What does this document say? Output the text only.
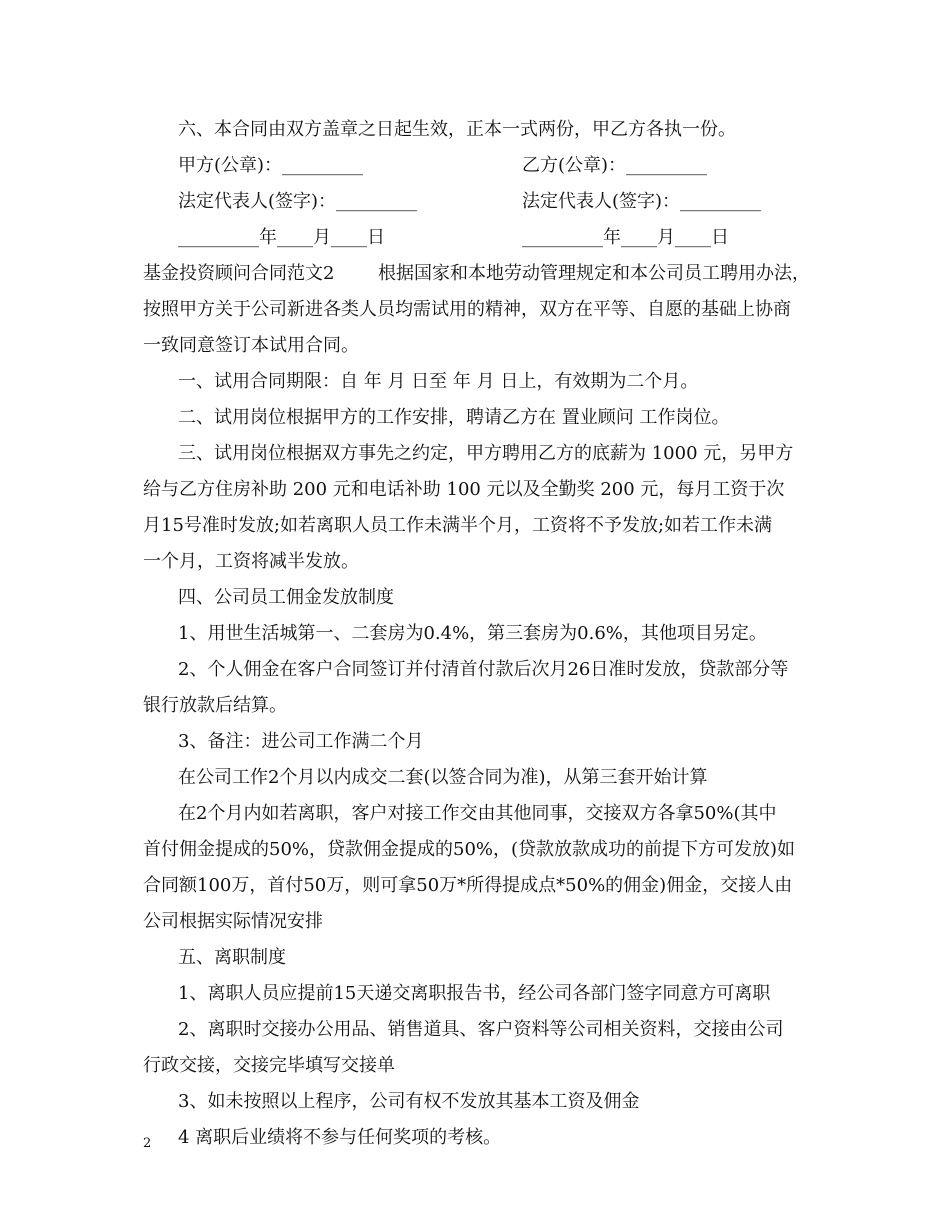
六、本合同由双方盖章之日起生效，正本一式两份，甲乙方各执一份。
甲方(公章)：_________	乙方(公章)：_________
法定代表人(签字)：_________	法定代表人(签字)：_________
_________年____月____日	_________年____月____日
基金投资顾问合同范文2 根据国家和本地劳动管理规定和本公司员工聘用办法，
按照甲方关于公司新进各类人员均需试用的精神，双方在平等、自愿的基础上协商
一致同意签订本试用合同。
一、试用合同期限：自 年 月 日至 年 月 日上，有效期为二个月。
二、试用岗位根据甲方的工作安排，聘请乙方在 置业顾问 工作岗位。
三、试用岗位根据双方事先之约定，甲方聘用乙方的底薪为 1000 元，另甲方
给与乙方住房补助 200 元和电话补助 100 元以及全勤奖 200 元，每月工资于次
月15号准时发放;如若离职人员工作未满半个月，工资将不予发放;如若工作未满
一个月，工资将减半发放。
四、公司员工佣金发放制度
1、用世生活城第一、二套房为0.4%，第三套房为0.6%，其他项目另定。
2、个人佣金在客户合同签订并付清首付款后次月26日准时发放，贷款部分等
银行放款后结算。
3、备注：进公司工作满二个月
在公司工作2个月以内成交二套(以签合同为准)，从第三套开始计算
在2个月内如若离职，客户对接工作交由其他同事，交接双方各拿50%(其中
首付佣金提成的50%，贷款佣金提成的50%，(贷款放款成功的前提下方可发放)如
合同额100万，首付50万，则可拿50万*所得提成点*50%的佣金)佣金，交接人由
公司根据实际情况安排
五、离职制度
1、离职人员应提前15天递交离职报告书，经公司各部门签字同意方可离职
2、离职时交接办公用品、销售道具、客户资料等公司相关资料，交接由公司
行政交接，交接完毕填写交接单
3、如未按照以上程序，公司有权不发放其基本工资及佣金
4 离职后业绩将不参与任何奖项的考核。
2
